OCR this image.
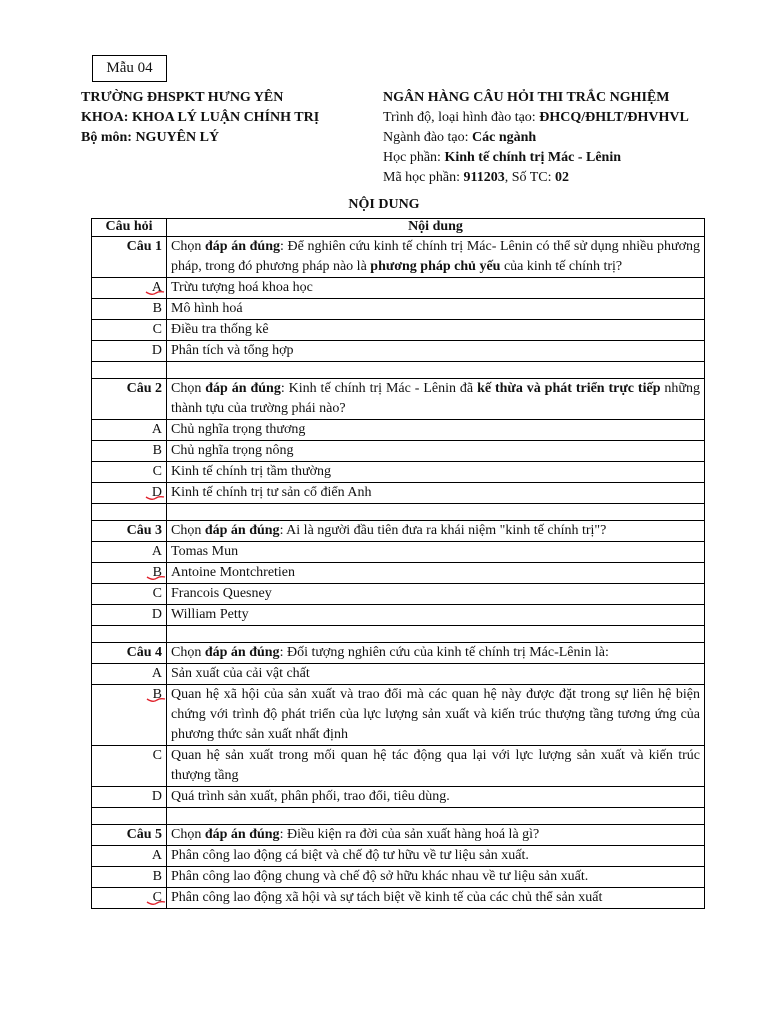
Mẫu 04
TRƯỜNG ĐHSPKT HƯNG YÊN
KHOA: KHOA LÝ LUẬN CHÍNH TRỊ
Bộ môn: NGUYÊN LÝ
NGÂN HÀNG CÂU HỎI THI TRẮC NGHIỆM
Trình độ, loại hình đào tạo: ĐHCQ/ĐHLT/ĐHVHVL
Ngành đào tạo: Các ngành
Học phần: Kinh tế chính trị Mác - Lênin
Mã học phần: 911203, Số TC: 02
NỘI DUNG
Câu hỏi	Nội dung
Câu 1	Chọn đáp án đúng: Để nghiên cứu kinh tế chính trị Mác- Lênin có thể sử dụng nhiều phương pháp, trong đó phương pháp nào là phương pháp chủ yếu của kinh tế chính trị?
A	Trừu tượng hoá khoa học
B	Mô hình hoá
C	Điều tra thống kê
D	Phân tích và tổng hợp

Câu 2	Chọn đáp án đúng: Kinh tế chính trị Mác - Lênin đã kế thừa và phát triển trực tiếp những thành tựu của trường phái nào?
A	Chủ nghĩa trọng thương
B	Chủ nghĩa trọng nông
C	Kinh tế chính trị tầm thường
D	Kinh tế chính trị tư sản cổ điển Anh

Câu 3	Chọn đáp án đúng: Ai là người đầu tiên đưa ra khái niệm "kinh tế chính trị"?
A	Tomas Mun
B	Antoine Montchretien
C	Francois Quesney
D	William Petty

Câu 4	Chọn đáp án đúng: Đối tượng nghiên cứu của kinh tế chính trị Mác-Lênin là:
A	Sản xuất của cải vật chất
B	Quan hệ xã hội của sản xuất và trao đổi mà các quan hệ này được đặt trong sự liên hệ biện chứng với trình độ phát triển của lực lượng sản xuất và kiến trúc thượng tầng tương ứng của phương thức sản xuất nhất định
C	Quan hệ sản xuất trong mối quan hệ tác động qua lại với lực lượng sản xuất và kiến trúc thượng tầng
D	Quá trình sản xuất, phân phối, trao đổi, tiêu dùng.

Câu 5	Chọn đáp án đúng: Điều kiện ra đời của sản xuất hàng hoá là gì?
A	Phân công lao động cá biệt và chế độ tư hữu về tư liệu sản xuất.
B	Phân công lao động chung và chế độ sở hữu khác nhau về tư liệu sản xuất.
C	Phân công lao động xã hội và sự tách biệt về kinh tế của các chủ thể sản xuất
